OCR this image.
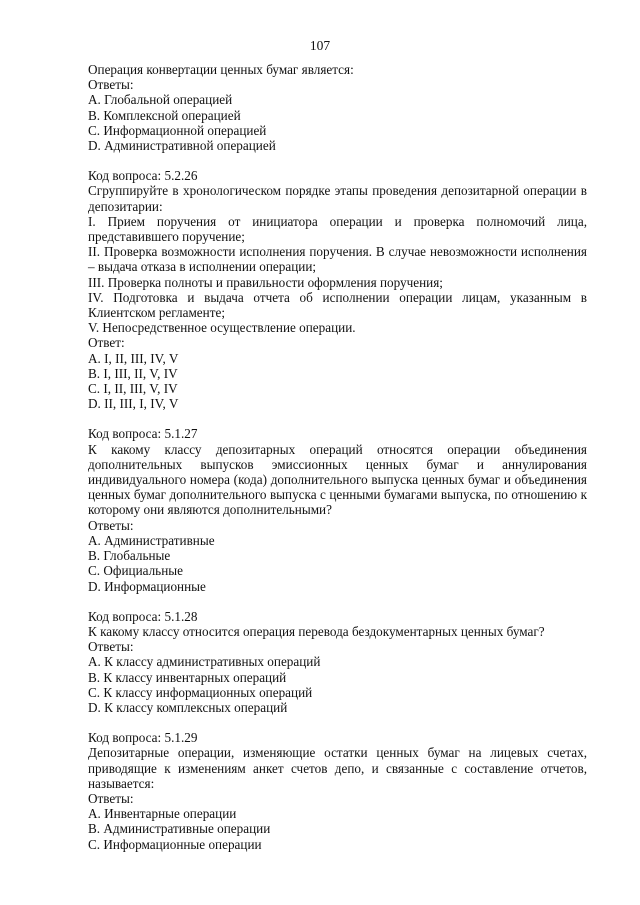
107
Операция конвертации ценных бумаг является:
Ответы:
A. Глобальной операцией
B. Комплексной операцией
C. Информационной операцией
D. Административной операцией
Код вопроса: 5.2.26
Сгруппируйте в хронологическом порядке этапы проведения депозитарной операции в депозитарии:
I. Прием поручения от инициатора операции и проверка полномочий лица, представившего поручение;
II. Проверка возможности исполнения поручения. В случае невозможности исполнения – выдача отказа в исполнении операции;
III. Проверка полноты и правильности оформления поручения;
IV. Подготовка и выдача отчета об исполнении операции лицам, указанным в Клиентском регламенте;
V. Непосредственное осуществление операции.
Ответ:
A. I, II, III, IV, V
B. I, III, II, V, IV
C. I, II, III, V, IV
D. II, III, I, IV, V
Код вопроса: 5.1.27
К какому классу депозитарных операций относятся операции объединения дополнительных выпусков эмиссионных ценных бумаг и аннулирования индивидуального номера (кода) дополнительного выпуска ценных бумаг и объединения ценных бумаг дополнительного выпуска с ценными бумагами выпуска, по отношению к которому они являются дополнительными?
Ответы:
A. Административные
B. Глобальные
C. Официальные
D. Информационные
Код вопроса: 5.1.28
К какому классу относится операция перевода бездокументарных ценных бумаг?
Ответы:
A. К классу административных операций
B. К классу инвентарных операций
C. К классу информационных операций
D. К классу комплексных операций
Код вопроса: 5.1.29
Депозитарные операции, изменяющие остатки ценных бумаг на лицевых счетах, приводящие к изменениям анкет счетов депо, и связанные с составление отчетов, называется:
Ответы:
A. Инвентарные операции
B. Административные операции
C. Информационные операции
